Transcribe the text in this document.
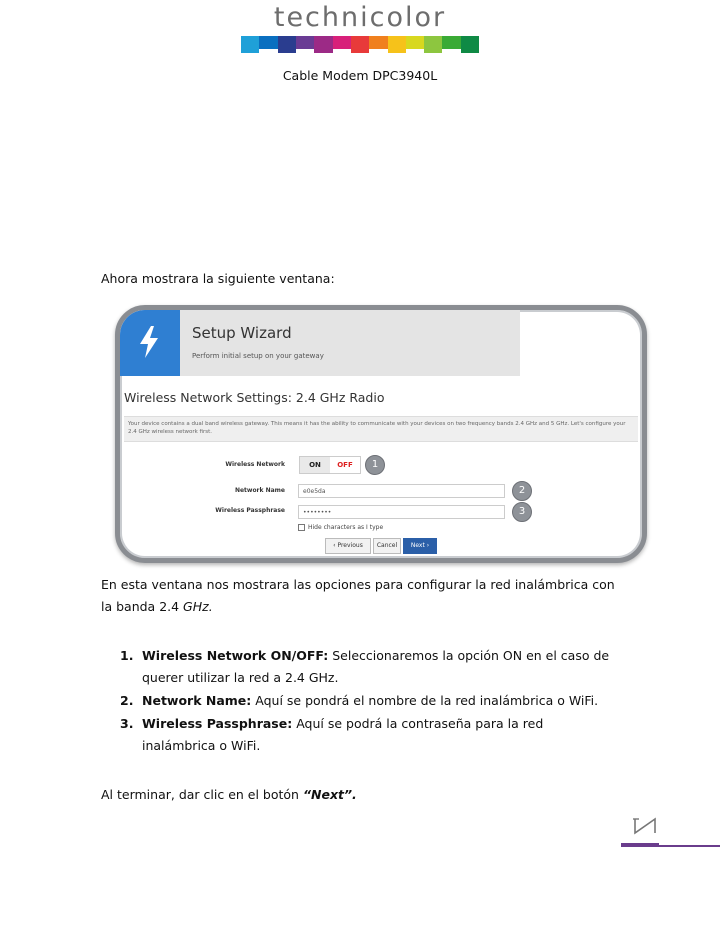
technicolor
Cable Modem DPC3940L
Ahora mostrara la siguiente ventana:
Setup Wizard
Perform initial setup on your gateway
Wireless Network Settings: 2.4 GHz Radio
Your device contains a dual band wireless gateway. This means it has the ability to communicate with your devices on two frequency bands 2.4 GHz and 5 GHz. Let's configure your 2.4 GHz wireless network first.
Wireless Network	ON	OFF	1
Network Name	e0e5da	2
Wireless Passphrase	••••••••	3
Hide characters as I type
‹ Previous	Cancel	Next ›
En esta ventana nos mostrara las opciones para configurar la red inalámbrica con la banda 2.4 GHz.
1. Wireless Network ON/OFF: Seleccionaremos la opción ON en el caso de querer utilizar la red a 2.4 GHz.
2. Network Name: Aquí se pondrá el nombre de la red inalámbrica o WiFi.
3. Wireless Passphrase: Aquí se podrá la contraseña para la red inalámbrica o WiFi.
Al terminar, dar clic en el botón “Next”.
